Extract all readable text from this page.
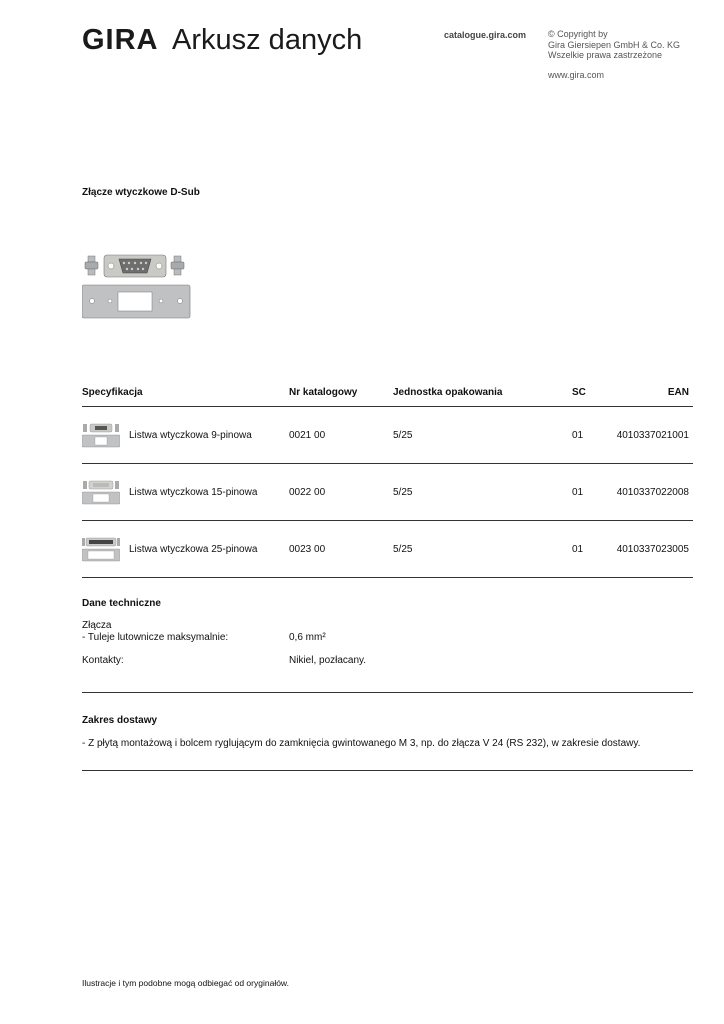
GIRA Arkusz danych	catalogue.gira.com © Copyright by
Gira Giersiepen GmbH & Co. KG
Wszelkie prawa zastrzeżone
www.gira.com
Złącze wtyczkowe D-Sub
Specyfikacja	Nr katalogowy	Jednostka opakowania	SC	EAN
Listwa wtyczkowa 9-pinowa	0021 00	5/25	01	4010337021001
Listwa wtyczkowa 15-pinowa	0022 00	5/25	01	4010337022008
Listwa wtyczkowa 25-pinowa	0023 00	5/25	01	4010337023005
Dane techniczne
Złącza
- Tuleje lutownicze maksymalnie:	0,6 mm²
Kontakty:	Nikiel, pozłacany.
Zakres dostawy
- Z płytą montażową i bolcem ryglującym do zamknięcia gwintowanego M 3, np. do złącza V 24 (RS 232), w zakresie dostawy.
Ilustracje i tym podobne mogą odbiegać od oryginałów.
